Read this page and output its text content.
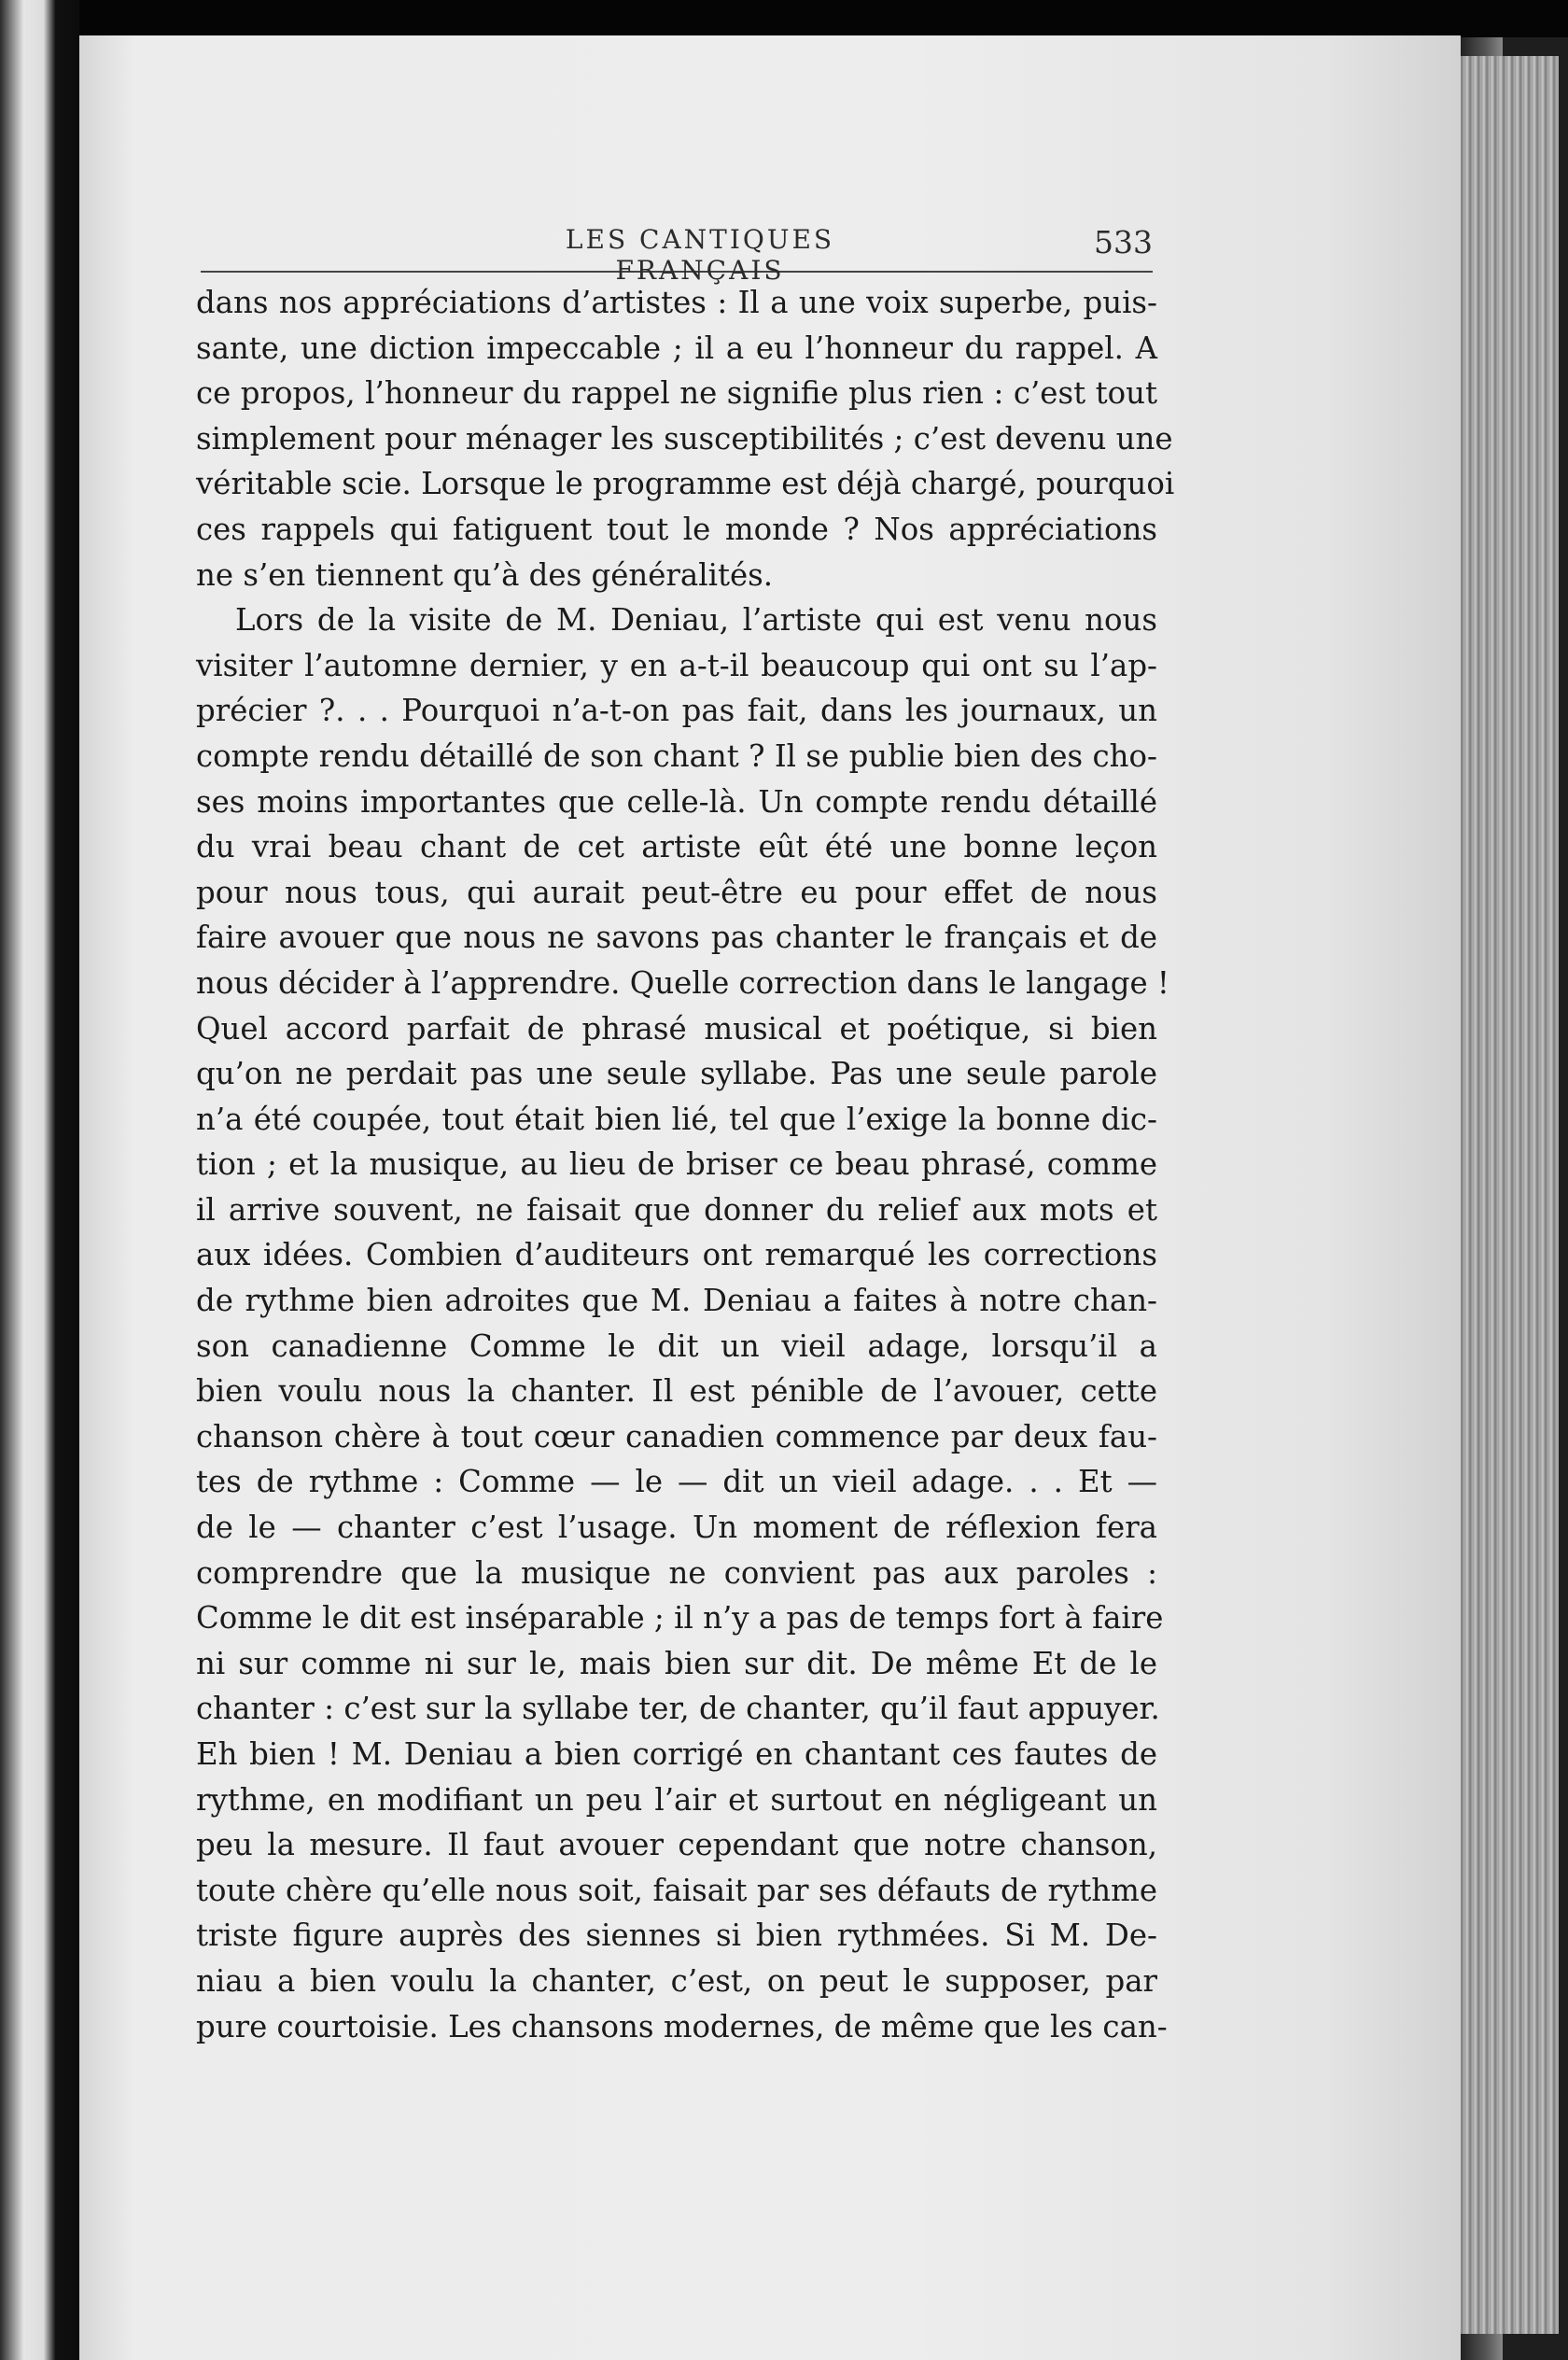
LES CANTIQUES FRANÇAIS
533
dans nos appréciations d’artistes : Il a une voix superbe, puis-
sante, une diction impeccable ; il a eu l’honneur du rappel. A
ce propos, l’honneur du rappel ne signifie plus rien : c’est tout
simplement pour ménager les susceptibilités ; c’est devenu une
véritable scie. Lorsque le programme est déjà chargé, pourquoi
ces rappels qui fatiguent tout le monde ? Nos appréciations
ne s’en tiennent qu’à des généralités.
Lors de la visite de M. Deniau, l’artiste qui est venu nous
visiter l’automne dernier, y en a-t-il beaucoup qui ont su l’ap-
précier ?. . . Pourquoi n’a-t-on pas fait, dans les journaux, un
compte rendu détaillé de son chant ? Il se publie bien des cho-
ses moins importantes que celle-là. Un compte rendu détaillé
du vrai beau chant de cet artiste eût été une bonne leçon
pour nous tous, qui aurait peut-être eu pour effet de nous
faire avouer que nous ne savons pas chanter le français et de
nous décider à l’apprendre. Quelle correction dans le langage !
Quel accord parfait de phrasé musical et poétique, si bien
qu’on ne perdait pas une seule syllabe. Pas une seule parole
n’a été coupée, tout était bien lié, tel que l’exige la bonne dic-
tion ; et la musique, au lieu de briser ce beau phrasé, comme
il arrive souvent, ne faisait que donner du relief aux mots et
aux idées. Combien d’auditeurs ont remarqué les corrections
de rythme bien adroites que M. Deniau a faites à notre chan-
son canadienne Comme le dit un vieil adage, lorsqu’il a
bien voulu nous la chanter. Il est pénible de l’avouer, cette
chanson chère à tout cœur canadien commence par deux fau-
tes de rythme : Comme — le — dit un vieil adage. . . Et —
de le — chanter c’est l’usage. Un moment de réflexion fera
comprendre que la musique ne convient pas aux paroles :
Comme le dit est inséparable ; il n’y a pas de temps fort à faire
ni sur comme ni sur le, mais bien sur dit. De même Et de le
chanter : c’est sur la syllabe ter, de chanter, qu’il faut appuyer.
Eh bien ! M. Deniau a bien corrigé en chantant ces fautes de
rythme, en modifiant un peu l’air et surtout en négligeant un
peu la mesure. Il faut avouer cependant que notre chanson,
toute chère qu’elle nous soit, faisait par ses défauts de rythme
triste figure auprès des siennes si bien rythmées. Si M. De-
niau a bien voulu la chanter, c’est, on peut le supposer, par
pure courtoisie. Les chansons modernes, de même que les can-
